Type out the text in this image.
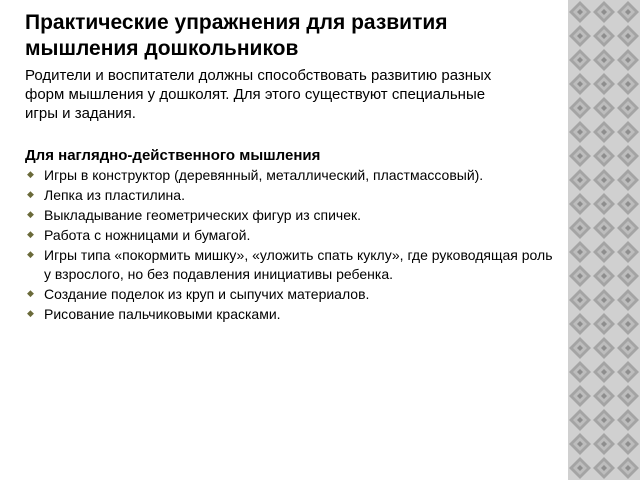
Практические упражнения для развития
мышления дошкольников

Родители и воспитатели должны способствовать развитию разных
форм мышления у дошколят. Для этого существуют специальные
игры и задания.

Для наглядно-действенного мышления
◆ Игры в конструктор (деревянный, металлический, пластмассовый).
◆ Лепка из пластилина.
◆ Выкладывание геометрических фигур из спичек.
◆ Работа с ножницами и бумагой.
◆ Игры типа «покормить мишку», «уложить спать куклу», где руководящая роль у взрослого, но без подавления инициативы ребенка.
◆ Создание поделок из круп и сыпучих материалов.
◆ Рисование пальчиковыми красками.
